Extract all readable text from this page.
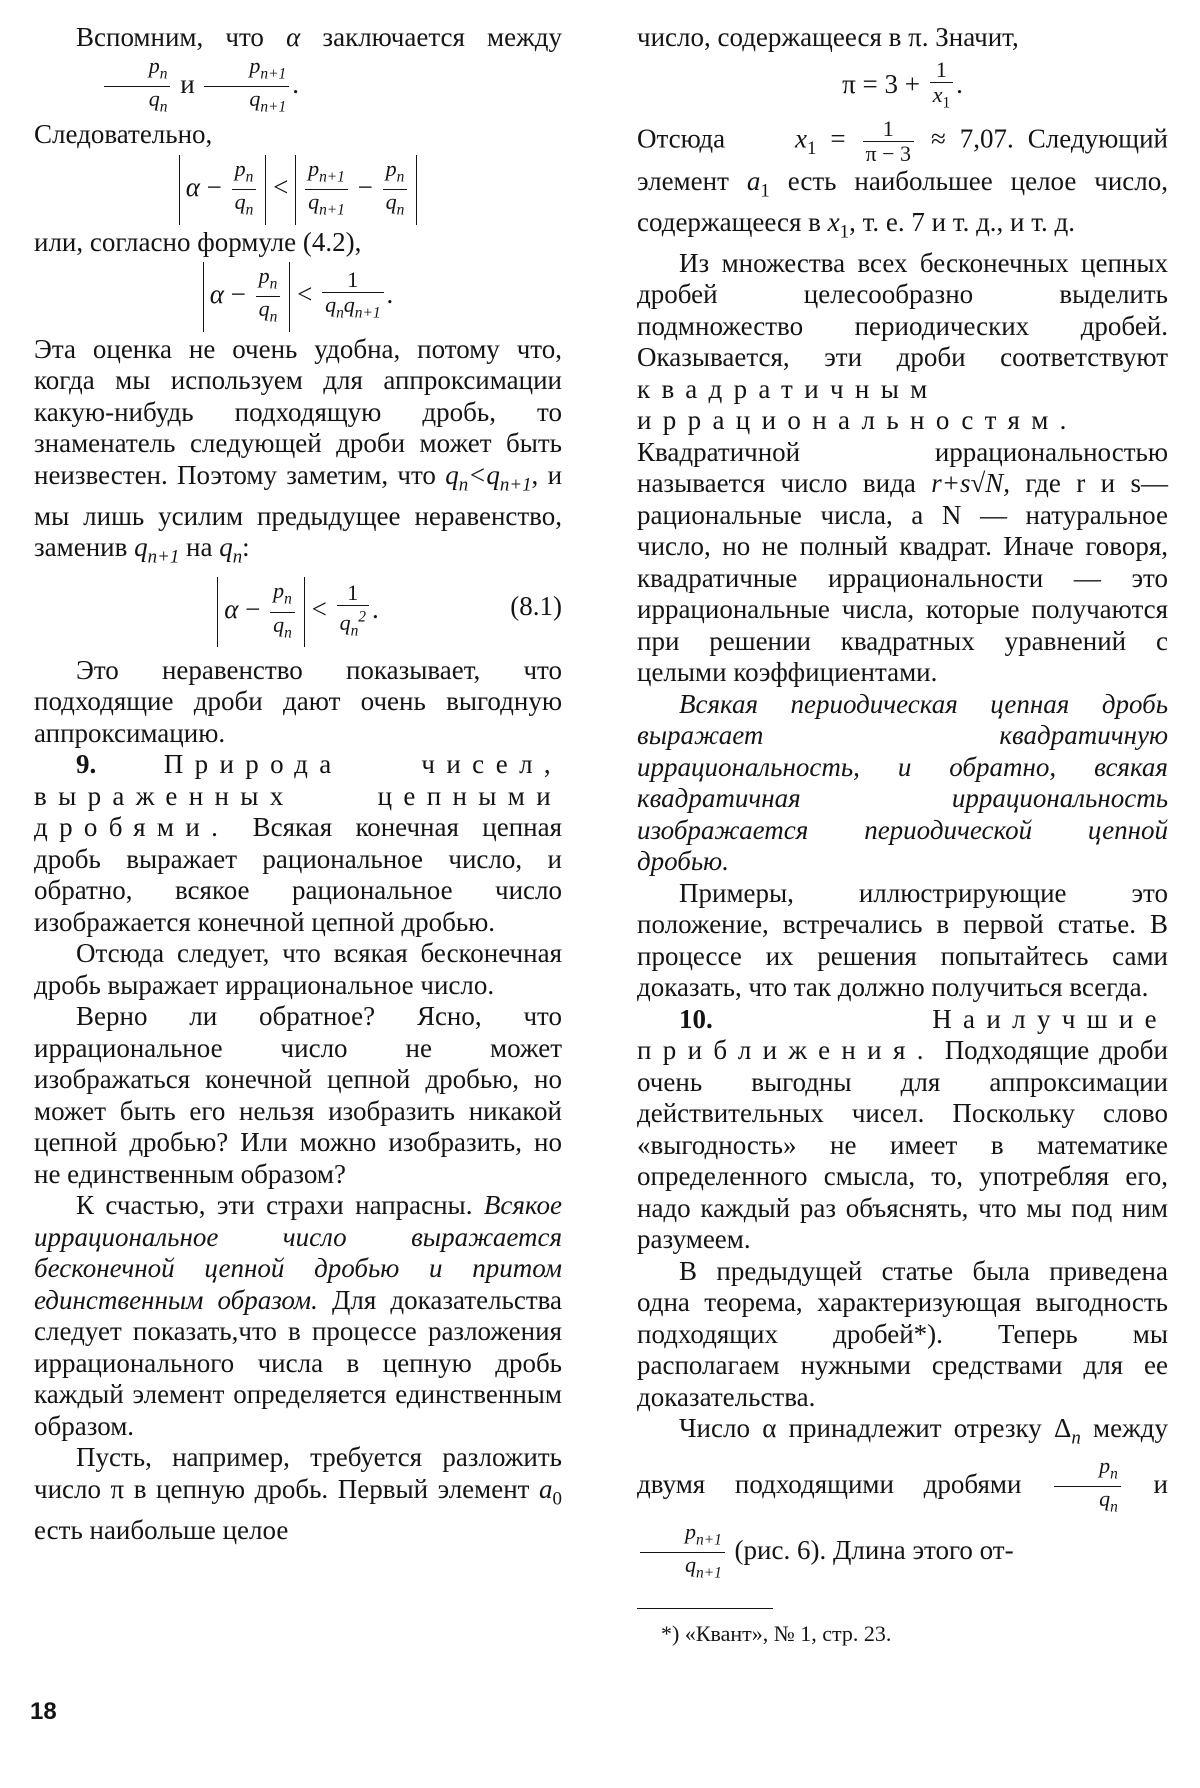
Вспомним, что α заключается между
$\frac{p_n}{q_n}$ и $\frac{p_{n+1}}{q_{n+1}}$ .

Следовательно,

$\alpha - \frac{p_n}{q_n} < \frac{p_{n+1}}{q_{n+1}} - \frac{p_n}{q_n}$

или, согласно формуле (4.2),

$\alpha - \frac{p_n}{q_n}$ <	1
$q_nq_{n+1}$
.

Эта оценка не очень удобна, потому что, когда мы используем для аппроксимации какую-нибудь подходящую дробь, то знаменатель следующей дроби может быть неизвестен. Поэтому заметим, что $q_n<q_{n+1}$, и мы лишь усилим предыдущее неравенство, заменив $q_{n+1}$ на $q_n$:

$\alpha - \frac{p_n}{q_n} < \frac{1}{q_n^2}$ .	(8.1)

Это неравенство показывает, что подходящие дроби дают очень выгодную аппроксимацию.

9.	Природа чисел, выраженных цепными дробями. Всякая конечная цепная дробь выражает рациональное число, и обратно, всякое рациональное число изображается конечной цепной дробью.

Отсюда следует, что всякая бесконечная дробь выражает иррациональное число.

Верно ли обратное? Ясно, что иррациональное число не может изображаться конечной цепной дробью, но может быть его нельзя изобразить никакой цепной дробью? Или можно изобразить, но не единственным образом?

К счастью, эти страхи напрасны. Всякое иррациональное число выражается бесконечной цепной дробью и притом единственным образом. Для доказательства следует показать,что в процессе разложения иррационального числа в цепную дробь каждый элемент определяется единственным образом.

Пусть, например, требуется разложить число π в цепную дробь. Первый элемент $a_0$ есть наибольше целое

число, содержащееся в π. Значит,

$\pi = 3 + \frac{1}{x_1}$ .

Отсюда	$x_1 = \frac{1}{\pi - 3} \approx 7,07$. Следующий элемент $a_1$ есть наибольшее целое число, содержащееся в $x_1$, т. е. 7 и т. д., и т. д.

Из множества всех бесконечных цепных дробей целесообразно выделить подмножество периодических дробей. Оказывается, эти дроби соответствуют квадратичным иррациональностям. Квадратичной иррациональностью называется число вида r+s√N, где r и s— рациональные числа, а N — натуральное число, но не полный квадрат. Иначе говоря, квадратичные иррациональности — это иррациональные числа, которые получаются при решении квадратных уравнений с целыми коэффициентами.

Всякая периодическая цепная дробь выражает квадратичную иррациональность, и обратно, всякая квадратичная иррациональность изображается периодической цепной дробью.

Примеры, иллюстрирующие это положение, встречались в первой статье. В процессе их решения попытайтесь сами доказать, что так должно получиться всегда.

10.	Наилучшие приближения. Подходящие дроби очень выгодны для аппроксимации действительных чисел. Поскольку слово «выгодность» не имеет в математике определенного смысла, то, употребляя его, надо каждый раз объяснять, что мы под ним разумеем.

В предыдущей статье была приведена одна теорема, характеризующая выгодность подходящих дробей*). Теперь мы располагаем нужными средствами для ее доказательства.

Число α принадлежит отрезку $\Delta_n$ между двумя подходящими дробями $\frac{p_n}{q_n}$ и
$\frac{p_{n+1}}{q_{n+1}} (рис$. 6). Длина этого от-

*) «Квант», № 1, стр. 23.

18
